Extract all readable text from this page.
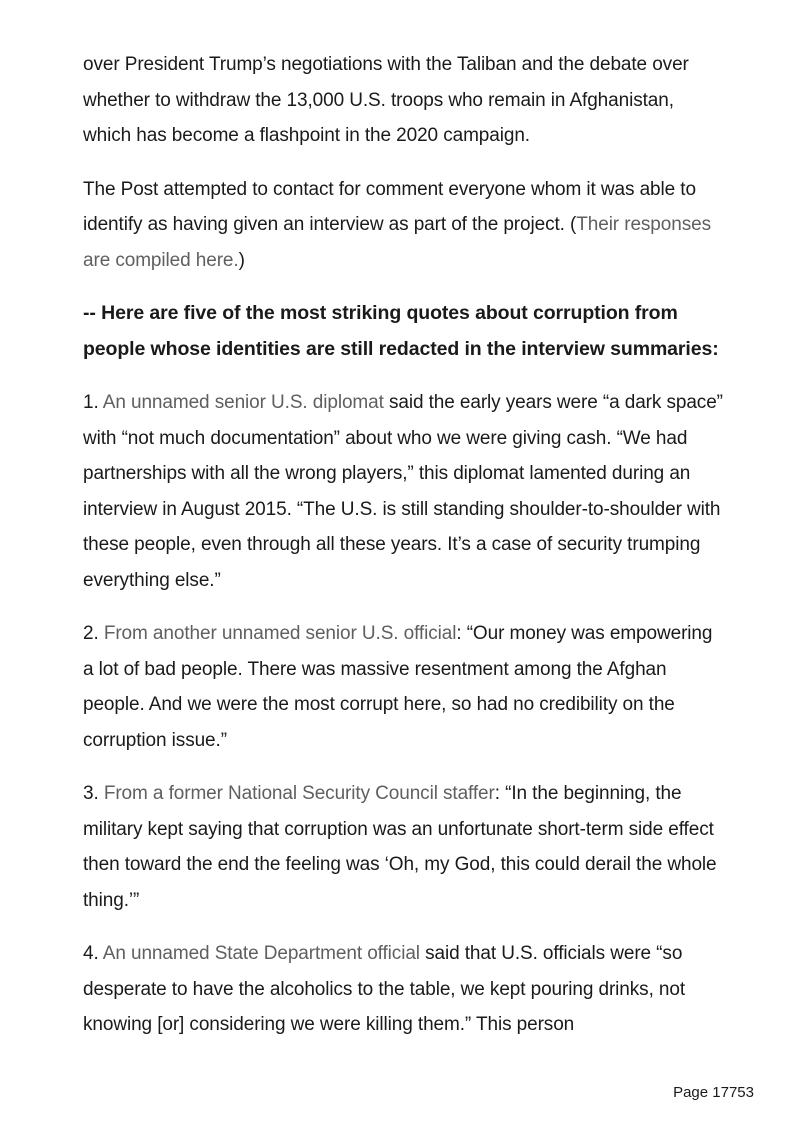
over President Trump’s negotiations with the Taliban and the debate over whether to withdraw the 13,000 U.S. troops who remain in Afghanistan, which has become a flashpoint in the 2020 campaign.

The Post attempted to contact for comment everyone whom it was able to identify as having given an interview as part of the project. (Their responses are compiled here.)

-- Here are five of the most striking quotes about corruption from people whose identities are still redacted in the interview summaries:

1. An unnamed senior U.S. diplomat said the early years were “a dark space” with “not much documentation” about who we were giving cash. “We had partnerships with all the wrong players,” this diplomat lamented during an interview in August 2015. “The U.S. is still standing shoulder-to-shoulder with these people, even through all these years. It’s a case of security trumping everything else.”

2. From another unnamed senior U.S. official: “Our money was empowering a lot of bad people. There was massive resentment among the Afghan people. And we were the most corrupt here, so had no credibility on the corruption issue.”

3. From a former National Security Council staffer: “In the beginning, the military kept saying that corruption was an unfortunate short-term side effect then toward the end the feeling was ‘Oh, my God, this could derail the whole thing.’”

4. An unnamed State Department official said that U.S. officials were “so desperate to have the alcoholics to the table, we kept pouring drinks, not knowing [or] considering we were killing them.” This person

Page 17753
